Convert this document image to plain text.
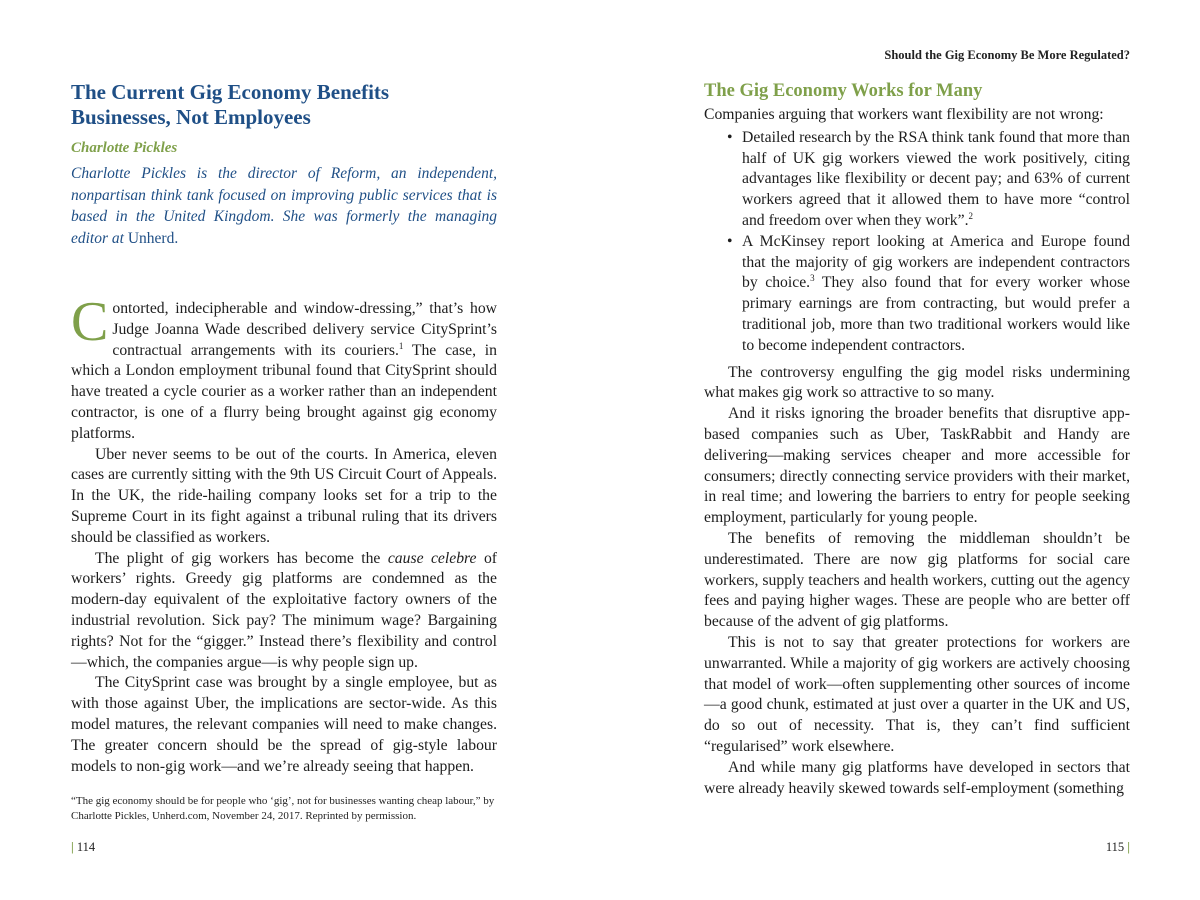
The Current Gig Economy Benefits
Businesses, Not Employees
Charlotte Pickles

Charlotte Pickles is the director of Reform, an independent, nonpartisan think tank focused on improving public services that is based in the United Kingdom. She was formerly the managing editor at Unherd.

Contorted, indecipherable and window-dressing,” that’s how Judge Joanna Wade described delivery service CitySprint’s contractual arrangements with its couriers.$^1$ The case, in which a London employment tribunal found that CitySprint should have treated a cycle courier as a worker rather than an independent contractor, is one of a flurry being brought against gig economy platforms.

Uber never seems to be out of the courts. In America, eleven cases are currently sitting with the 9th US Circuit Court of Appeals. In the UK, the ride-hailing company looks set for a trip to the Supreme Court in its fight against a tribunal ruling that its drivers should be classified as workers.

The plight of gig workers has become the cause celebre of workers’ rights. Greedy gig platforms are condemned as the modern-day equivalent of the exploitative factory owners of the industrial revolution. Sick pay? The minimum wage? Bargaining rights? Not for the “gigger.” Instead there’s flexibility and control—which, the companies argue—is why people sign up.

The CitySprint case was brought by a single employee, but as with those against Uber, the implications are sector-wide. As this model matures, the relevant companies will need to make changes. The greater concern should be the spread of gig-style labour models to non-gig work—and we’re already seeing that happen.

“The gig economy should be for people who ‘gig’, not for businesses wanting cheap labour,” by Charlotte Pickles, Unherd.com, November 24, 2017. Reprinted by permission.
| 114
Should the Gig Economy Be More Regulated?
The Gig Economy Works for Many

Companies arguing that workers want flexibility are not wrong:

• Detailed research by the RSA think tank found that more than half of UK gig workers viewed the work positively, citing advantages like flexibility or decent pay; and 63% of current workers agreed that it allowed them to have more “control and freedom over when they work”.$^2$
• A McKinsey report looking at America and Europe found that the majority of gig workers are independent contractors by choice.$^3$ They also found that for every worker whose primary earnings are from contracting, but would prefer a traditional job, more than two traditional workers would like to become independent contractors.

The controversy engulfing the gig model risks undermining what makes gig work so attractive to so many.

And it risks ignoring the broader benefits that disruptive app-based companies such as Uber, TaskRabbit and Handy are delivering—making services cheaper and more accessible for consumers; directly connecting service providers with their market, in real time; and lowering the barriers to entry for people seeking employment, particularly for young people.

The benefits of removing the middleman shouldn’t be underestimated. There are now gig platforms for social care workers, supply teachers and health workers, cutting out the agency fees and paying higher wages. These are people who are better off because of the advent of gig platforms.

This is not to say that greater protections for workers are unwarranted. While a majority of gig workers are actively choosing that model of work—often supplementing other sources of income—a good chunk, estimated at just over a quarter in the UK and US, do so out of necessity. That is, they can’t find sufficient “regularised” work elsewhere.

And while many gig platforms have developed in sectors that were already heavily skewed towards self-employment (something

115 |
